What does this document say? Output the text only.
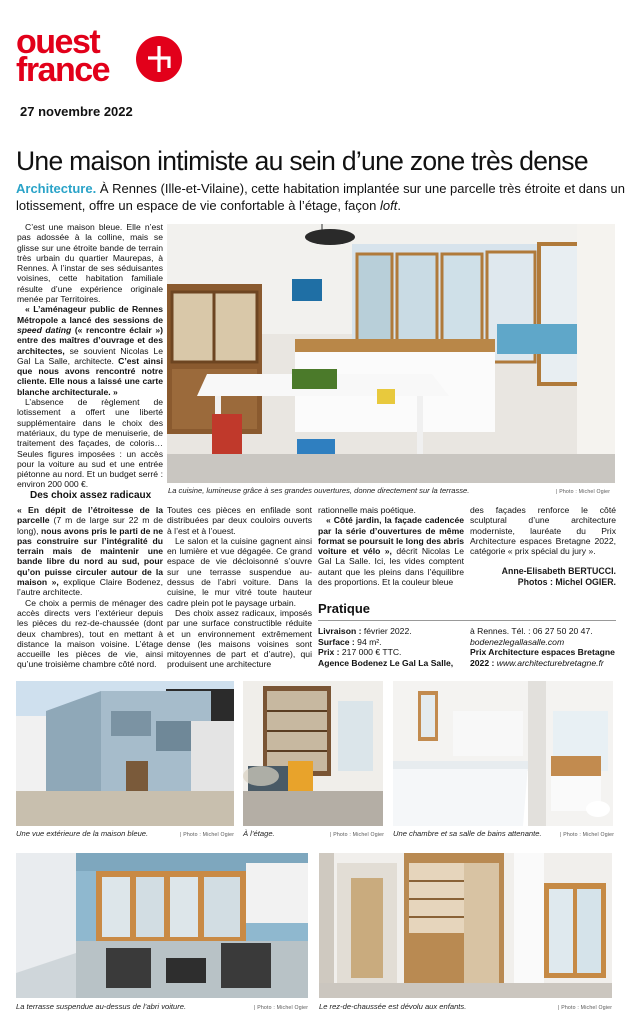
ouest
france
27 novembre 2022
Une maison intimiste au sein d’une zone très dense
Architecture. À Rennes (Ille-et-Vilaine), cette habitation implantée sur une parcelle très étroite et dans un lotissement, offre un espace de vie confortable à l’étage, façon loft.

C’est une maison bleue. Elle n’est pas adossée à la colline, mais se glisse sur une étroite bande de terrain très urbain du quartier Maurepas, à Rennes. À l’instar de ses séduisantes voisines, cette habitation familiale résulte d’une expérience originale menée par Territoires.

« L’aménageur public de Rennes Métropole a lancé des sessions de speed dating (« rencontre éclair ») entre des maîtres d’ouvrage et des architectes, se souvient Nicolas Le Gal La Salle, architecte. C’est ainsi que nous avons rencontré notre cliente. Elle nous a laissé une carte blanche architecturale. »

L’absence de règlement de lotissement a offert une liberté supplémentaire dans le choix des matériaux, du type de menuiserie, de traitement des façades, de coloris… Seules figures imposées : un accès pour la voiture au sud et une entrée piétonne au nord. Et un budget serré : environ 200 000 €.

La cuisine, lumineuse grâce à ses grandes ouvertures, donne directement sur la terrasse.	| Photo : Michel Ogier
Des choix assez radicaux

« En dépit de l’étroitesse de la parcelle (7 m de large sur 22 m de long), nous avons pris le parti de ne pas construire sur l’intégralité du terrain mais de maintenir une bande libre du nord au sud, pour qu’on puisse circuler autour de la maison », explique Claire Bodenez, l’autre architecte.

Ce choix a permis de ménager des accès directs vers l’extérieur depuis les pièces du rez-de-chaussée (dont deux chambres), tout en mettant à distance la maison voisine. L’étage accueille les pièces de vie, ainsi qu’une troisième chambre côté nord.

Toutes ces pièces en enfilade sont distribuées par deux couloirs ouverts à l’est et à l’ouest.

Le salon et la cuisine gagnent ainsi en lumière et vue dégagée. Ce grand espace de vie décloisonné s’ouvre sur une terrasse suspendue au-dessus de l’abri voiture. Dans la cuisine, le mur vitré toute hauteur cadre plein pot le paysage urbain.

Des choix assez radicaux, imposés par une surface constructible réduite et un environnement extrêmement dense (les maisons voisines sont mitoyennes de part et d’autre), qui produisent une architecture

rationnelle mais poétique.

« Côté jardin, la façade cadencée par la série d’ouvertures de même format se poursuit le long des abris voiture et vélo », décrit Nicolas Le Gal La Salle. Ici, les vides comptent autant que les pleins dans l’équilibre des proportions. Et la couleur bleue

des façades renforce le côté sculptural d’une architecture moderniste, lauréate du Prix Architecture espaces Bretagne 2022, catégorie « prix spécial du jury ».

Anne-Elisabeth BERTUCCI.
Photos : Michel OGIER.
Pratique
Livraison : février 2022.
Surface : 94 m².
Prix : 217 000 € TTC.
Agence Bodenez Le Gal La Salle,
à Rennes. Tél. : 06 27 50 20 47.
bodenezlegallasalle.com
Prix Architecture espaces Bretagne 2022 : www.architecturebretagne.fr
Une vue extérieure de la maison bleue.	| Photo : Michel Ogier À l’étage.	| Photo : Michel Ogier Une chambre et sa salle de bains attenante.	| Photo : Michel Ogier
La terrasse suspendue au-dessus de l’abri voiture.	| Photo : Michel Ogier Le rez-de-chaussée est dévolu aux enfants.	| Photo : Michel Ogier
